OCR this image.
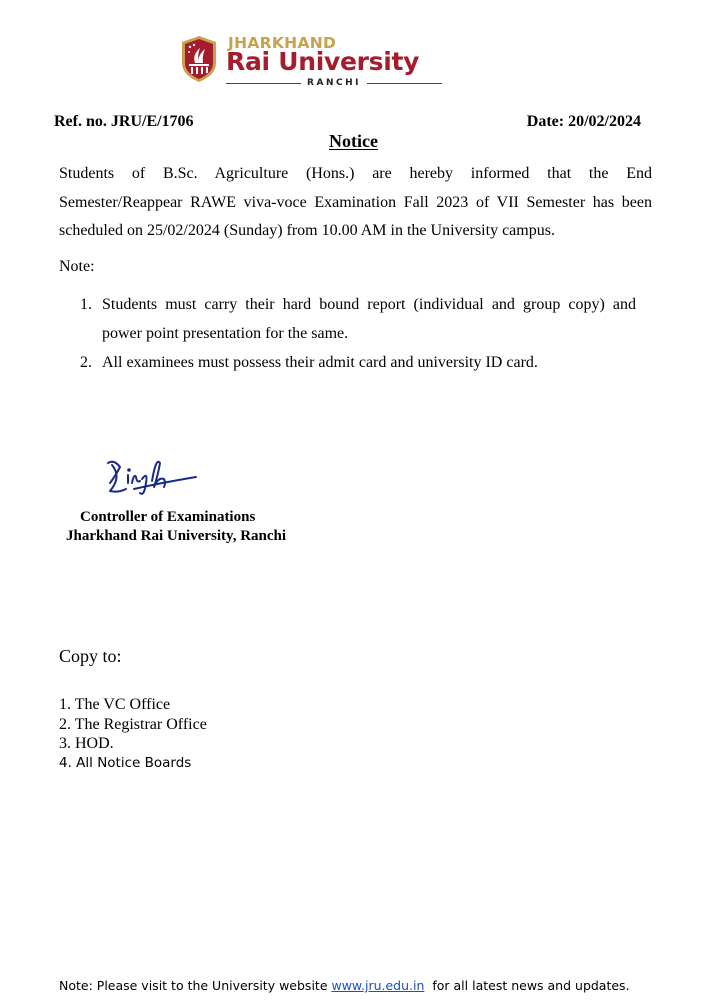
JHARKHAND
Rai University
RANCHI
Ref. no. JRU/E/1706	Date: 20/02/2024
Notice
Students of B.Sc. Agriculture (Hons.) are hereby informed that the End
Semester/Reappear RAWE viva-voce Examination Fall 2023 of VII Semester has been scheduled on 25/02/2024 (Sunday) from 10.00 AM in the University campus.
Note:
1. Students must carry their hard bound report (individual and group copy) and
power point presentation for the same.
2. All examinees must possess their admit card and university ID card.
Controller of Examinations
Jharkhand Rai University, Ranchi
Copy to:
1. The VC Office
2. The Registrar Office
3. HOD.
4. All Notice Boards
Note: Please visit to the University website www.jru.edu.in  for all latest news and updates.
